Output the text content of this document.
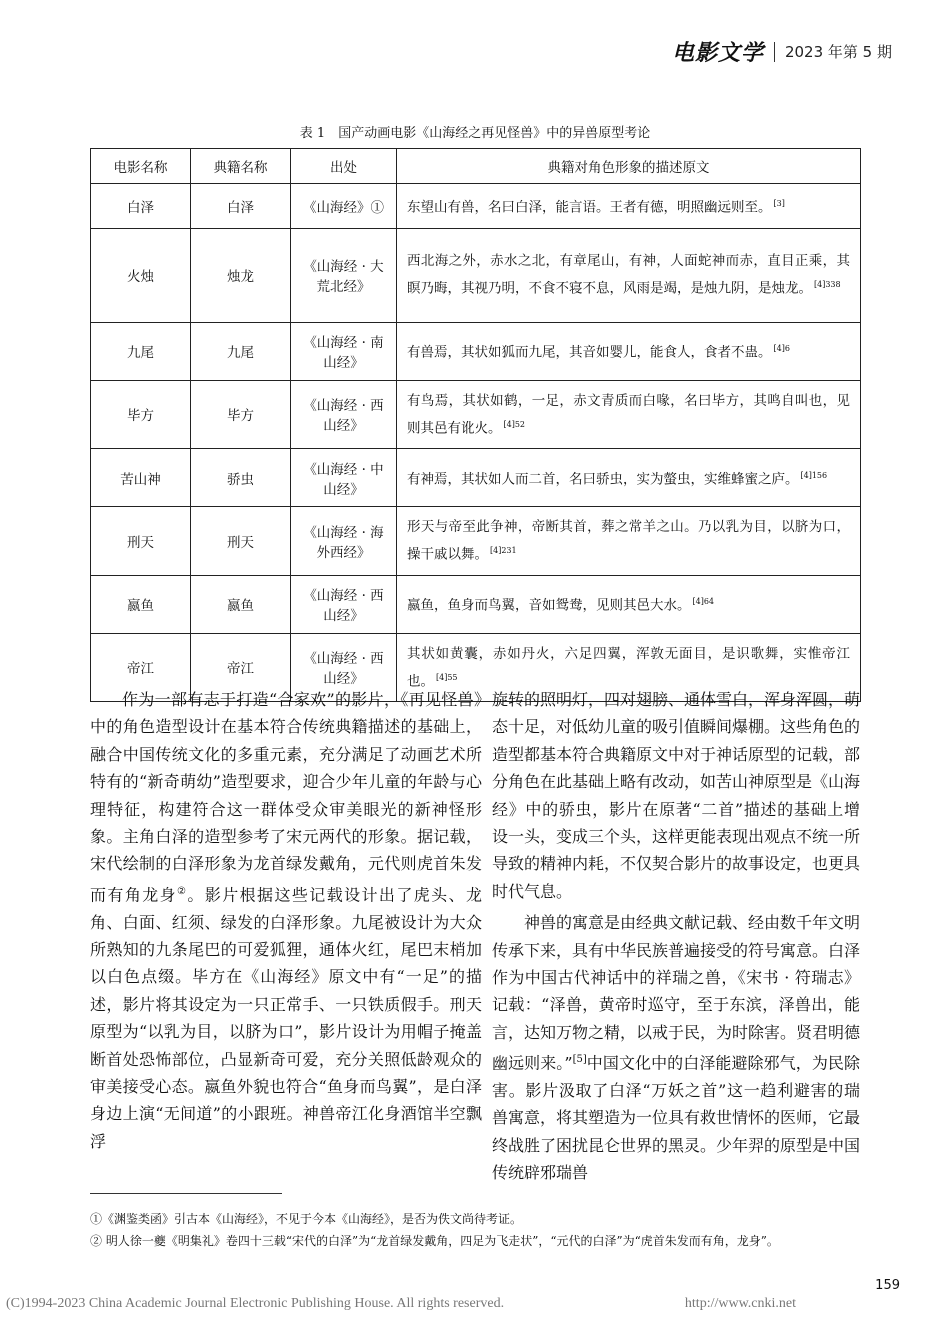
电影文学 2023 年第 5 期
表 1　国产动画电影《山海经之再见怪兽》中的异兽原型考论
电影名称	典籍名称	出处	典籍对角色形象的描述原文
白泽	白泽	《山海经》①	东望山有兽，名曰白泽，能言语。王者有德，明照幽远则至。 [3]
火烛	烛龙	《山海经 · 大荒北经》	西北海之外，赤水之北，有章尾山，有神，人面蛇神而赤，直目正乘，其瞑乃晦，其视乃明，不食不寝不息，风雨是竭，是烛九阴，是烛龙。 $^{[4]338}$
九尾	九尾	《山海经 · 南山经》	有兽焉，其状如狐而九尾，其音如婴儿，能食人，食者不蛊。 $^{[4]6}$
毕方	毕方	《山海经 · 西山经》	有鸟焉，其状如鹤，一足，赤文青质而白喙，名曰毕方，其鸣自叫也，见则其邑有讹火。 $^{[4]52}$
苦山神	骄虫	《山海经 · 中山经》	有神焉，其状如人而二首，名曰骄虫，实为螫虫，实维蜂蜜之庐。 $^{[4]156}$
刑天	刑天	《山海经 · 海外西经》	形天与帝至此争神，帝断其首，葬之常羊之山。乃以乳为目，以脐为口，操干戚以舞。 $^{[4]231}$
嬴鱼	嬴鱼	《山海经 · 西山经》	嬴鱼，鱼身而鸟翼，音如鸳鸯，见则其邑大水。 $^{[4]64}$
帝江	帝江	《山海经 · 西山经》	其状如黄囊，赤如丹火，六足四翼，浑敦无面目，是识歌舞，实惟帝江也。 $^{[4]55}$

作为一部有志于打造“合家欢”的影片，《再见怪兽》中的角色造型设计在基本符合传统典籍描述的基础上，融合中国传统文化的多重元素，充分满足了动画艺术所特有的“新奇萌幼”造型要求，迎合少年儿童的年龄与心理特征，构建符合这一群体受众审美眼光的新神怪形象。主角白泽的造型参考了宋元两代的形象。据记载，宋代绘制的白泽形象为龙首绿发戴角，元代则虎首朱发而有角龙身②。影片根据这些记载设计出了虎头、龙角、白面、红须、绿发的白泽形象。九尾被设计为大众所熟知的九条尾巴的可爱狐狸，通体火红，尾巴末梢加以白色点缀。毕方在《山海经》原文中有“一足”的描述，影片将其设定为一只正常手、一只铁质假手。刑天原型为“以乳为目，以脐为口”，影片设计为用帽子掩盖断首处恐怖部位，凸显新奇可爱，充分关照低龄观众的审美接受心态。嬴鱼外貌也符合“鱼身而鸟翼”，是白泽身边上演“无间道”的小跟班。神兽帝江化身酒馆半空飘浮

旋转的照明灯，四对翅膀、通体雪白，浑身浑圆，萌态十足，对低幼儿童的吸引值瞬间爆棚。这些角色的造型都基本符合典籍原文中对于神话原型的记载，部分角色在此基础上略有改动，如苦山神原型是《山海经》中的骄虫，影片在原著“二首”描述的基础上增设一头，变成三个头，这样更能表现出观点不统一所导致的精神内耗，不仅契合影片的故事设定，也更具时代气息。

神兽的寓意是由经典文献记载、经由数千年文明传承下来，具有中华民族普遍接受的符号寓意。白泽作为中国古代神话中的祥瑞之兽，《宋书 · 符瑞志》记载：“泽兽，黄帝时巡守，至于东滨，泽兽出，能言，达知万物之精，以戒于民，为时除害。贤君明德幽远则来。”[5]中国文化中的白泽能避除邪气，为民除害。影片汲取了白泽“万妖之首”这一趋利避害的瑞兽寓意，将其塑造为一位具有救世情怀的医师，它最终战胜了困扰昆仑世界的黑灵。少年羿的原型是中国传统辟邪瑞兽

①《渊鉴类函》引古本《山海经》，不见于今本《山海经》，是否为佚文尚待考证。
② 明人徐一夔《明集礼》卷四十三载“宋代的白泽”为“龙首绿发戴角，四足为飞走状”，“元代的白泽”为“虎首朱发而有角，龙身”。
159
(C)1994-2023 China Academic Journal Electronic Publishing House. All rights reserved.	http://www.cnki.net
